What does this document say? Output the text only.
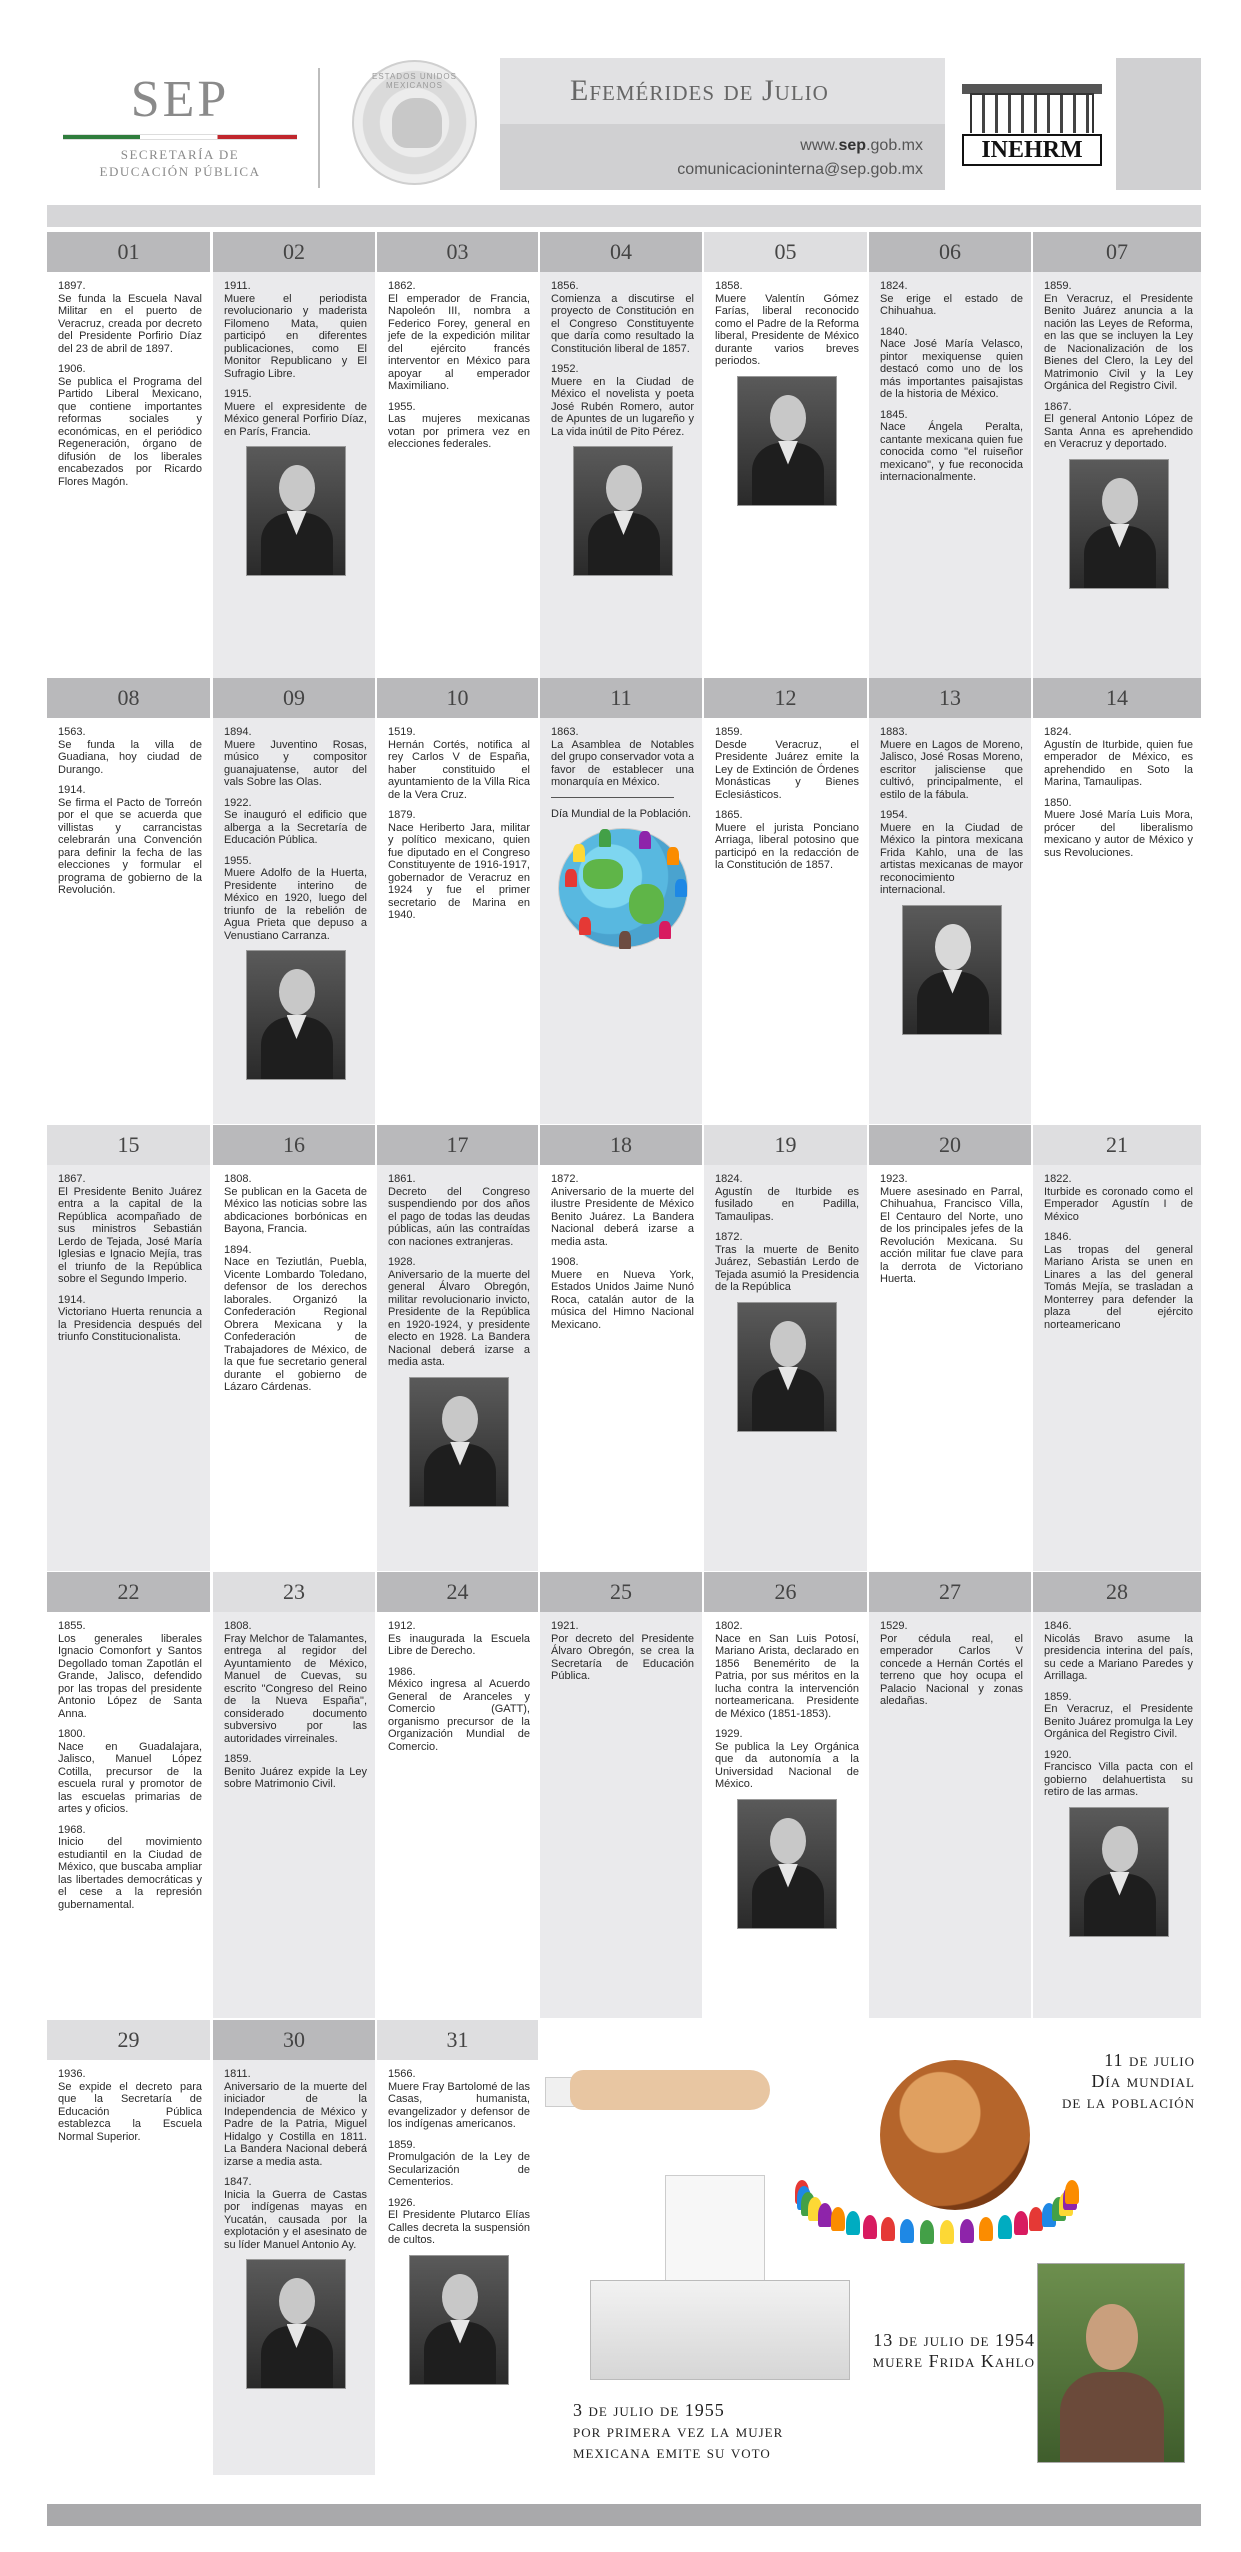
SEP
SECRETARÍA DE
EDUCACIÓN PÚBLICA
ESTADOS UNIDOS MEXICANOS	Efemérides de Julio
www.sep.gob.mx
comunicacioninterna@sep.gob.mx
INEHRM
01
1897.
Se funda la Escuela Naval Militar en el puerto de Veracruz, creada por decreto del Presidente Porfirio Díaz del 23 de abril de 1897.
1906.
Se publica el Programa del Partido Liberal Mexicano, que contiene importantes reformas sociales y económicas, en el periódico Regeneración, órgano de difusión de los liberales encabezados por Ricardo Flores Magón.
02
1911.
Muere el periodista revolucionario y maderista Filomeno Mata, quien participó en diferentes publicaciones, como El Monitor Republicano y El Sufragio Libre.
1915.
Muere el expresidente de México general Porfirio Díaz, en París, Francia.
03
1862.
El emperador de Francia, Napoleón III, nombra a Federico Forey, general en jefe de la expedición militar del ejército francés interventor en México para apoyar al emperador Maximiliano.
1955.
Las mujeres mexicanas votan por primera vez en elecciones federales.
04
1856.
Comienza a discutirse el proyecto de Constitución en el Congreso Constituyente que daría como resultado la Constitución liberal de 1857.
1952.
Muere en la Ciudad de México el novelista y poeta José Rubén Romero, autor de Apuntes de un lugareño y La vida inútil de Pito Pérez.
05
1858.
Muere Valentín Gómez Farías, liberal reconocido como el Padre de la Reforma liberal, Presidente de México durante varios breves periodos.
06
1824.
Se erige el estado de Chihuahua.
1840.
Nace José María Velasco, pintor mexiquense quien destacó como uno de los más importantes paisajistas de la historia de México.
1845.
Nace Ángela Peralta, cantante mexicana quien fue conocida como "el ruiseñor mexicano", y fue reconocida internacionalmente.
07
1859.
En Veracruz, el Presidente Benito Juárez anuncia a la nación las Leyes de Reforma, en las que se incluyen la Ley de Nacionalización de los Bienes del Clero, la Ley del Matrimonio Civil y la Ley Orgánica del Registro Civil.
1867.
El general Antonio López de Santa Anna es aprehendido en Veracruz y deportado.
08
1563.
Se funda la villa de Guadiana, hoy ciudad de Durango.
1914.
Se firma el Pacto de Torreón por el que se acuerda que villistas y carrancistas celebrarán una Convención para definir la fecha de las elecciones y formular el programa de gobierno de la Revolución.
09
1894.
Muere Juventino Rosas, músico y compositor guanajuatense, autor del vals Sobre las Olas.
1922.
Se inauguró el edificio que alberga a la Secretaría de Educación Pública.
1955.
Muere Adolfo de la Huerta, Presidente interino de México en 1920, luego del triunfo de la rebelión de Agua Prieta que depuso a Venustiano Carranza.
10
1519.
Hernán Cortés, notifica al rey Carlos V de España, haber constituido el ayuntamiento de la Villa Rica de la Vera Cruz.
1879.
Nace Heriberto Jara, militar y político mexicano, quien fue diputado en el Congreso Constituyente de 1916-1917, gobernador de Veracruz en 1924 y fue el primer secretario de Marina en 1940.
11
1863.
La Asamblea de Notables del grupo conservador vota a favor de establecer una monarquía en México.
Día Mundial de la Población.
12
1859.
Desde Veracruz, el Presidente Juárez emite la Ley de Extinción de Órdenes Monásticas y Bienes Eclesiásticos.
1865.
Muere el jurista Ponciano Arriaga, liberal potosino que participó en la redacción de la Constitución de 1857.
13
1883.
Muere en Lagos de Moreno, Jalisco, José Rosas Moreno, escritor jalisciense que cultivó, principalmente, el estilo de la fábula.
1954.
Muere en la Ciudad de México la pintora mexicana Frida Kahlo, una de las artistas mexicanas de mayor reconocimiento internacional.
14
1824.
Agustín de Iturbide, quien fue emperador de México, es aprehendido en Soto la Marina, Tamaulipas.
1850.
Muere José María Luis Mora, prócer del liberalismo mexicano y autor de México y sus Revoluciones.
15
1867.
El Presidente Benito Juárez entra a la capital de la República acompañado de sus ministros Sebastián Lerdo de Tejada, José María Iglesias e Ignacio Mejía, tras el triunfo de la República sobre el Segundo Imperio.
1914.
Victoriano Huerta renuncia a la Presidencia después del triunfo Constitucionalista.
16
1808.
Se publican en la Gaceta de México las noticias sobre las abdicaciones borbónicas en Bayona, Francia.
1894.
Nace en Teziutlán, Puebla, Vicente Lombardo Toledano, defensor de los derechos laborales. Organizó la Confederación Regional Obrera Mexicana y la Confederación de Trabajadores de México, de la que fue secretario general durante el gobierno de Lázaro Cárdenas.
17
1861.
Decreto del Congreso suspendiendo por dos años el pago de todas las deudas públicas, aún las contraídas con naciones extranjeras.
1928.
Aniversario de la muerte del general Álvaro Obregón, militar revolucionario invicto, Presidente de la República en 1920-1924, y presidente electo en 1928. La Bandera Nacional deberá izarse a media asta.
18
1872.
Aniversario de la muerte del ilustre Presidente de México Benito Juárez. La Bandera Nacional deberá izarse a media asta.
1908.
Muere en Nueva York, Estados Unidos Jaime Nunó Roca, catalán autor de la música del Himno Nacional Mexicano.
19
1824.
Agustín de Iturbide es fusilado en Padilla, Tamaulipas.
1872.
Tras la muerte de Benito Juárez, Sebastián Lerdo de Tejada asumió la Presidencia de la República
20
1923.
Muere asesinado en Parral, Chihuahua, Francisco Villa, El Centauro del Norte, uno de los principales jefes de la Revolución Mexicana. Su acción militar fue clave para la derrota de Victoriano Huerta.
21
1822.
Iturbide es coronado como el Emperador Agustín I de México
1846.
Las tropas del general Mariano Arista se unen en Linares a las del general Tomás Mejía, se trasladan a Monterrey para defender la plaza del ejército norteamericano
22
1855.
Los generales liberales Ignacio Comonfort y Santos Degollado toman Zapotlán el Grande, Jalisco, defendido por las tropas del presidente Antonio López de Santa Anna.
1800.
Nace en Guadalajara, Jalisco, Manuel López Cotilla, precursor de la escuela rural y promotor de las escuelas primarias de artes y oficios.
1968.
Inicio del movimiento estudiantil en la Ciudad de México, que buscaba ampliar las libertades democráticas y el cese a la represión gubernamental.
23
1808.
Fray Melchor de Talamantes, entrega al regidor del Ayuntamiento de México, Manuel de Cuevas, su escrito "Congreso del Reino de la Nueva España", considerado documento subversivo por las autoridades virreinales.
1859.
Benito Juárez expide la Ley sobre Matrimonio Civil.
24
1912.
Es inaugurada la Escuela Libre de Derecho.
1986.
México ingresa al Acuerdo General de Aranceles y Comercio (GATT), organismo precursor de la Organización Mundial de Comercio.
25
1921.
Por decreto del Presidente Álvaro Obregón, se crea la Secretaría de Educación Pública.
26
1802.
Nace en San Luis Potosí, Mariano Arista, declarado en 1856 Benemérito de la Patria, por sus méritos en la lucha contra la intervención norteamericana. Presidente de México (1851-1853).
1929.
Se publica la Ley Orgánica que da autonomía a la Universidad Nacional de México.
27
1529.
Por cédula real, el emperador Carlos V concede a Hernán Cortés el terreno que hoy ocupa el Palacio Nacional y zonas aledañas.
28
1846.
Nicolás Bravo asume la presidencia interina del país, su cede a Mariano Paredes y Arrillaga.
1859.
En Veracruz, el Presidente Benito Juárez promulga la Ley Orgánica del Registro Civil.
1920.
Francisco Villa pacta con el gobierno delahuertista su retiro de las armas.
29
1936.
Se expide el decreto para que la Secretaría de Educación Pública establezca la Escuela Normal Superior.
30
1811.
Aniversario de la muerte del iniciador de la Independencia de México y Padre de la Patria, Miguel Hidalgo y Costilla en 1811. La Bandera Nacional deberá izarse a media asta.
1847.
Inicia la Guerra de Castas por indígenas mayas en Yucatán, causada por la explotación y el asesinato de su líder Manuel Antonio Ay.
31
1566.
Muere Fray Bartolomé de las Casas, humanista, evangelizador y defensor de los indígenas americanos.
1859.
Promulgación de la Ley de Secularización de Cementerios.
1926.
El Presidente Plutarco Elías Calles decreta la suspensión de cultos.
11 de julio
Día mundial
de la población
13 de julio de 1954
muere Frida Kahlo
3 de julio de 1955
por primera vez la mujer
mexicana emite su voto
